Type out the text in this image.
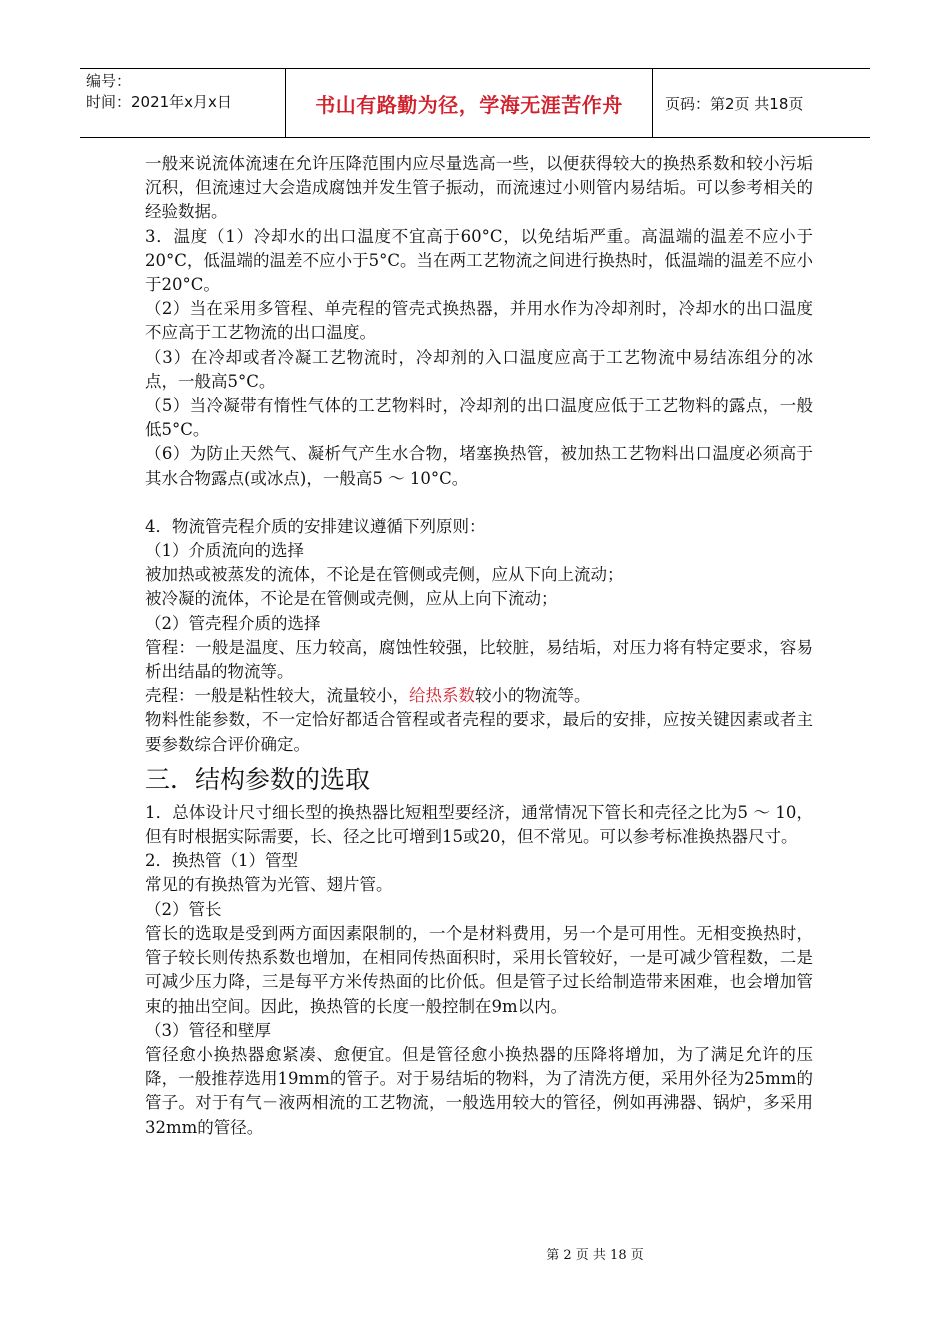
编号：
时间：2021年x月x日	书山有路勤为径，学海无涯苦作舟	页码：第2页 共18页

一般来说流体流速在允许压降范围内应尽量选高一些，以便获得较大的换热系数和较小污垢沉积，但流速过大会造成腐蚀并发生管子振动，而流速过小则管内易结垢。可以参考相关的经验数据。

3．温度（1）冷却水的出口温度不宜高于60°C，以免结垢严重。高温端的温差不应小于20°C，低温端的温差不应小于5°C。当在两工艺物流之间进行换热时，低温端的温差不应小于20°C。

（2）当在采用多管程、单壳程的管壳式换热器，并用水作为冷却剂时，冷却水的出口温度不应高于工艺物流的出口温度。

（3）在冷却或者冷凝工艺物流时，冷却剂的入口温度应高于工艺物流中易结冻组分的冰点，一般高5°C。

（5）当冷凝带有惰性气体的工艺物料时，冷却剂的出口温度应低于工艺物料的露点，一般低5°C。

（6）为防止天然气、凝析气产生水合物，堵塞换热管，被加热工艺物料出口温度必须高于其水合物露点(或冰点)，一般高5 ～ 10°C。

4．物流管壳程介质的安排建议遵循下列原则：

（1）介质流向的选择

被加热或被蒸发的流体，不论是在管侧或壳侧，应从下向上流动；

被冷凝的流体，不论是在管侧或壳侧，应从上向下流动；

（2）管壳程介质的选择

管程：一般是温度、压力较高，腐蚀性较强，比较脏，易结垢，对压力将有特定要求，容易析出结晶的物流等。

壳程：一般是粘性较大，流量较小，给热系数较小的物流等。

物料性能参数，不一定恰好都适合管程或者壳程的要求，最后的安排，应按关键因素或者主要参数综合评价确定。

三．结构参数的选取

1．总体设计尺寸细长型的换热器比短粗型要经济，通常情况下管长和壳径之比为5 ～ 10，但有时根据实际需要，长、径之比可增到15或20，但不常见。可以参考标准换热器尺寸。

2．换热管（1）管型

常见的有换热管为光管、翅片管。

（2）管长

管长的选取是受到两方面因素限制的，一个是材料费用，另一个是可用性。无相变换热时，管子较长则传热系数也增加，在相同传热面积时，采用长管较好，一是可减少管程数，二是可减少压力降，三是每平方米传热面的比价低。但是管子过长给制造带来困难，也会增加管束的抽出空间。因此，换热管的长度一般控制在9m以内。

（3）管径和壁厚

管径愈小换热器愈紧凑、愈便宜。但是管径愈小换热器的压降将增加，为了满足允许的压降，一般推荐选用19mm的管子。对于易结垢的物料，为了清洗方便，采用外径为25mm的管子。对于有气－液两相流的工艺物流，一般选用较大的管径，例如再沸器、锅炉，多采用32mm的管径。

第 2 页 共 18 页
